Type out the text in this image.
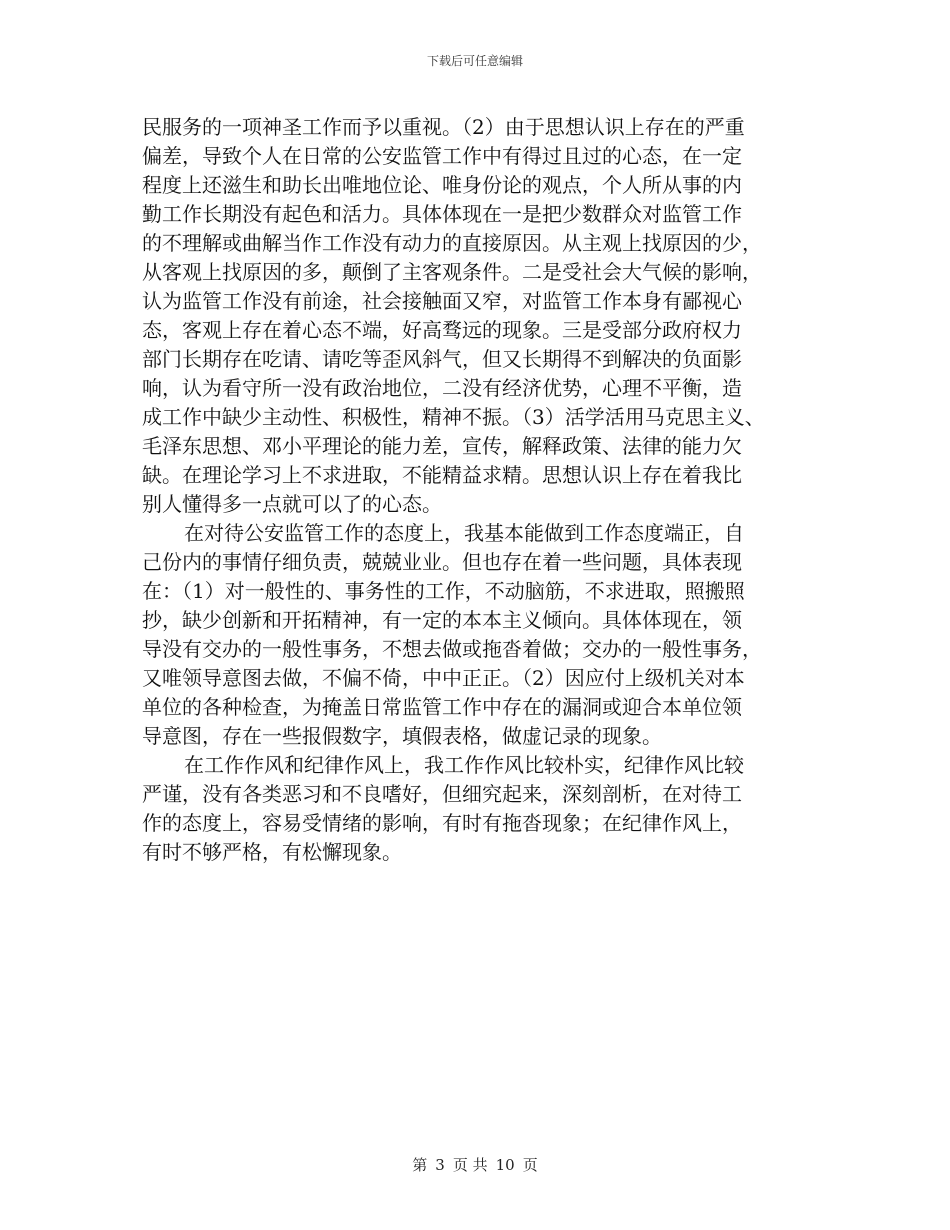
下载后可任意编辑
民服务的一项神圣工作而予以重视。（2）由于思想认识上存在的严重
偏差，导致个人在日常的公安监管工作中有得过且过的心态，在一定
程度上还滋生和助长出唯地位论、唯身份论的观点，个人所从事的内
勤工作长期没有起色和活力。具体体现在一是把少数群众对监管工作
的不理解或曲解当作工作没有动力的直接原因。从主观上找原因的少，
从客观上找原因的多，颠倒了主客观条件。二是受社会大气候的影响，
认为监管工作没有前途，社会接触面又窄，对监管工作本身有鄙视心
态，客观上存在着心态不端，好高骛远的现象。三是受部分政府权力
部门长期存在吃请、请吃等歪风斜气，但又长期得不到解决的负面影
响，认为看守所一没有政治地位，二没有经济优势，心理不平衡，造
成工作中缺少主动性、积极性，精神不振。（3）活学活用马克思主义、
毛泽东思想、邓小平理论的能力差，宣传，解释政策、法律的能力欠
缺。在理论学习上不求进取，不能精益求精。思想认识上存在着我比
别人懂得多一点就可以了的心态。
在对待公安监管工作的态度上，我基本能做到工作态度端正，自
己份内的事情仔细负责，兢兢业业。但也存在着一些问题，具体表现
在：（1）对一般性的、事务性的工作，不动脑筋，不求进取，照搬照
抄，缺少创新和开拓精神，有一定的本本主义倾向。具体体现在，领
导没有交办的一般性事务，不想去做或拖沓着做；交办的一般性事务，
又唯领导意图去做，不偏不倚，中中正正。（2）因应付上级机关对本
单位的各种检查，为掩盖日常监管工作中存在的漏洞或迎合本单位领
导意图，存在一些报假数字，填假表格，做虚记录的现象。
在工作作风和纪律作风上，我工作作风比较朴实，纪律作风比较
严谨，没有各类恶习和不良嗜好，但细究起来，深刻剖析，在对待工
作的态度上，容易受情绪的影响，有时有拖沓现象；在纪律作风上，
有时不够严格，有松懈现象。
第 3 页 共 10 页
